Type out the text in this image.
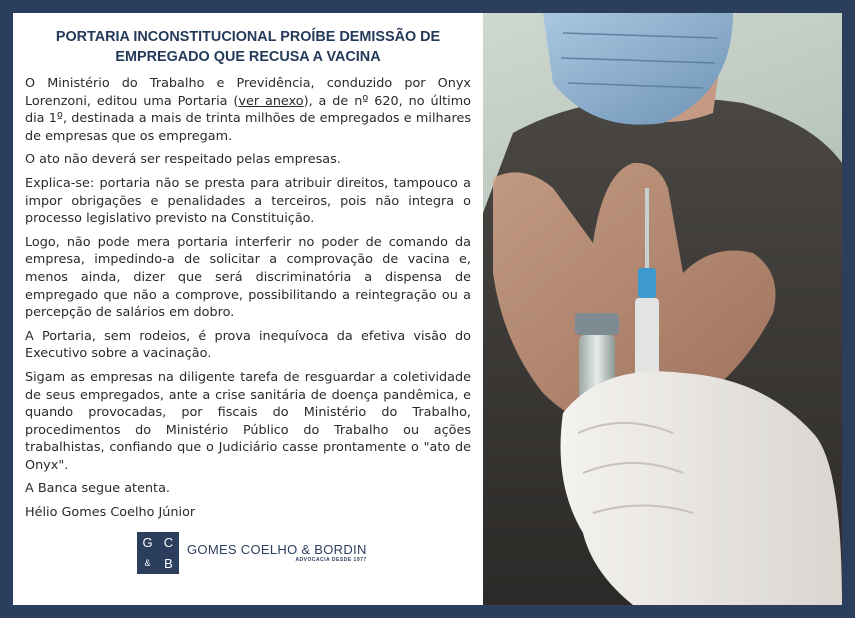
PORTARIA INCONSTITUCIONAL PROÍBE DEMISSÃO DE EMPREGADO QUE RECUSA A VACINA

O Ministério do Trabalho e Previdência, conduzido por Onyx Lorenzoni, editou uma Portaria (ver anexo), a de nº 620, no último dia 1º, destinada a mais de trinta milhões de empregados e milhares de empresas que os empregam.

O ato não deverá ser respeitado pelas empresas.

Explica-se: portaria não se presta para atribuir direitos, tampouco a impor obrigações e penalidades a terceiros, pois não integra o processo legislativo previsto na Constituição.

Logo, não pode mera portaria interferir no poder de comando da empresa, impedindo-a de solicitar a comprovação de vacina e, menos ainda, dizer que será discriminatória a dispensa de empregado que não a comprove, possibilitando a reintegração ou a percepção de salários em dobro.

A Portaria, sem rodeios, é prova inequívoca da efetiva visão do Executivo sobre a vacinação.

Sigam as empresas na diligente tarefa de resguardar a coletividade de seus empregados, ante a crise sanitária de doença pandêmica, e quando provocadas, por fiscais do Ministério do Trabalho, procedimentos do Ministério Público do Trabalho ou ações trabalhistas, confiando que o Judiciário casse prontamente o "ato de Onyx".

A Banca segue atenta.

Hélio Gomes Coelho Júnior

G C
&	B
GOMES COELHO & BORDIN
ADVOCACIA DESDE 1977
